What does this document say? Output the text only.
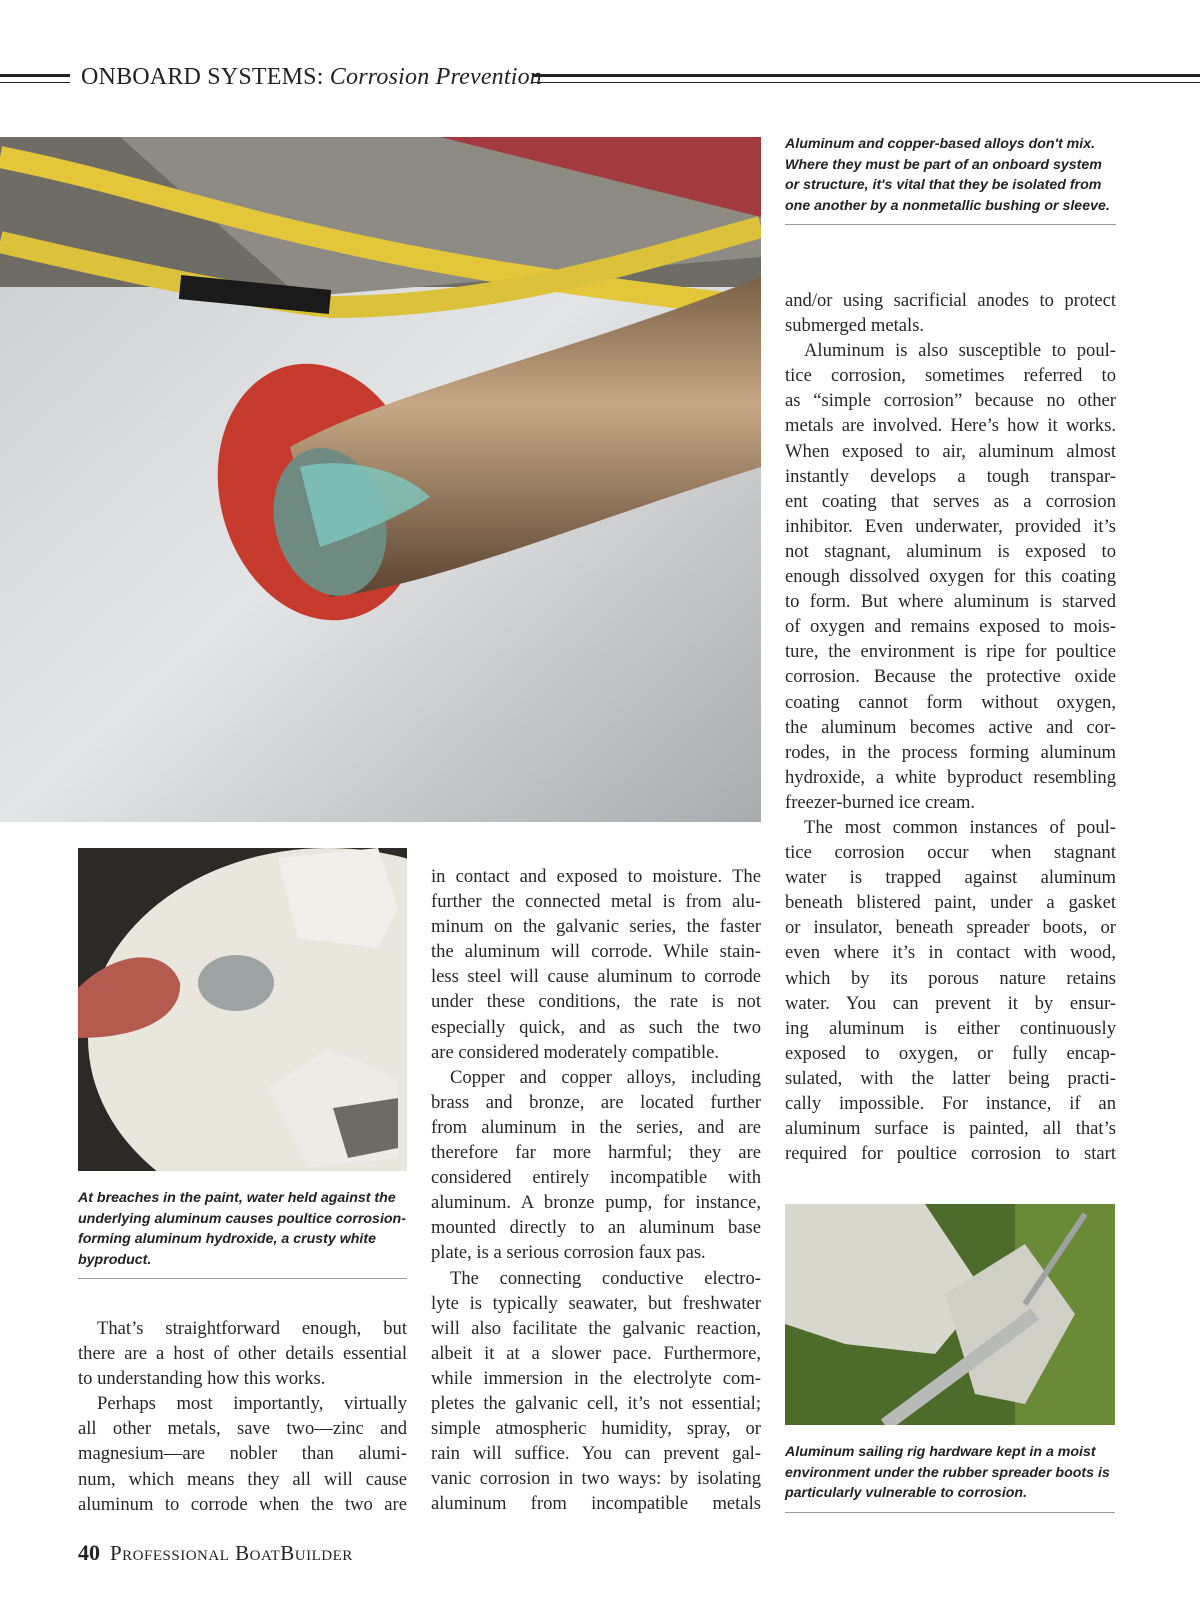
ONBOARD SYSTEMS: Corrosion Prevention
Aluminum and copper-based alloys don't mix. Where they must be part of an onboard system or structure, it's vital that they be isolated from one another by a nonmetallic bushing or sleeve.
At breaches in the paint, water held against the underlying aluminum causes poultice corrosion-forming aluminum hydroxide, a crusty white byproduct.
Aluminum sailing rig hardware kept in a moist environment under the rubber spreader boots is particularly vulnerable to corrosion.
That’s straightforward enough, but
there are a host of other details essential
to understanding how this works.
Perhaps most importantly, virtually
all other metals, save two—zinc and
magnesium—are nobler than alumi-
num, which means they all will cause
aluminum to corrode when the two are
in contact and exposed to moisture. The
further the connected metal is from alu-
minum on the galvanic series, the faster
the aluminum will corrode. While stain-
less steel will cause aluminum to corrode
under these conditions, the rate is not
especially quick, and as such the two
are considered moderately compatible.
Copper and copper alloys, including
brass and bronze, are located further
from aluminum in the series, and are
therefore far more harmful; they are
considered entirely incompatible with
aluminum. A bronze pump, for instance,
mounted directly to an aluminum base
plate, is a serious corrosion faux pas.
The connecting conductive electro-
lyte is typically seawater, but freshwater
will also facilitate the galvanic reaction,
albeit it at a slower pace. Furthermore,
while immersion in the electrolyte com-
pletes the galvanic cell, it’s not essential;
simple atmospheric humidity, spray, or
rain will suffice. You can prevent gal-
vanic corrosion in two ways: by isolating
aluminum from incompatible metals
and/or using sacrificial anodes to protect
submerged metals.
Aluminum is also susceptible to poul-
tice corrosion, sometimes referred to
as “simple corrosion” because no other
metals are involved. Here’s how it works.
When exposed to air, aluminum almost
instantly develops a tough transpar-
ent coating that serves as a corrosion
inhibitor. Even underwater, provided it’s
not stagnant, aluminum is exposed to
enough dissolved oxygen for this coating
to form. But where aluminum is starved
of oxygen and remains exposed to mois-
ture, the environment is ripe for poultice
corrosion. Because the protective oxide
coating cannot form without oxygen,
the aluminum becomes active and cor-
rodes, in the process forming aluminum
hydroxide, a white byproduct resembling
freezer-burned ice cream.
The most common instances of poul-
tice corrosion occur when stagnant
water is trapped against aluminum
beneath blistered paint, under a gasket
or insulator, beneath spreader boots, or
even where it’s in contact with wood,
which by its porous nature retains
water. You can prevent it by ensur-
ing aluminum is either continuously
exposed to oxygen, or fully encap-
sulated, with the latter being practi-
cally impossible. For instance, if an
aluminum surface is painted, all that’s
required for poultice corrosion to start
40 Professional BoatBuilder
